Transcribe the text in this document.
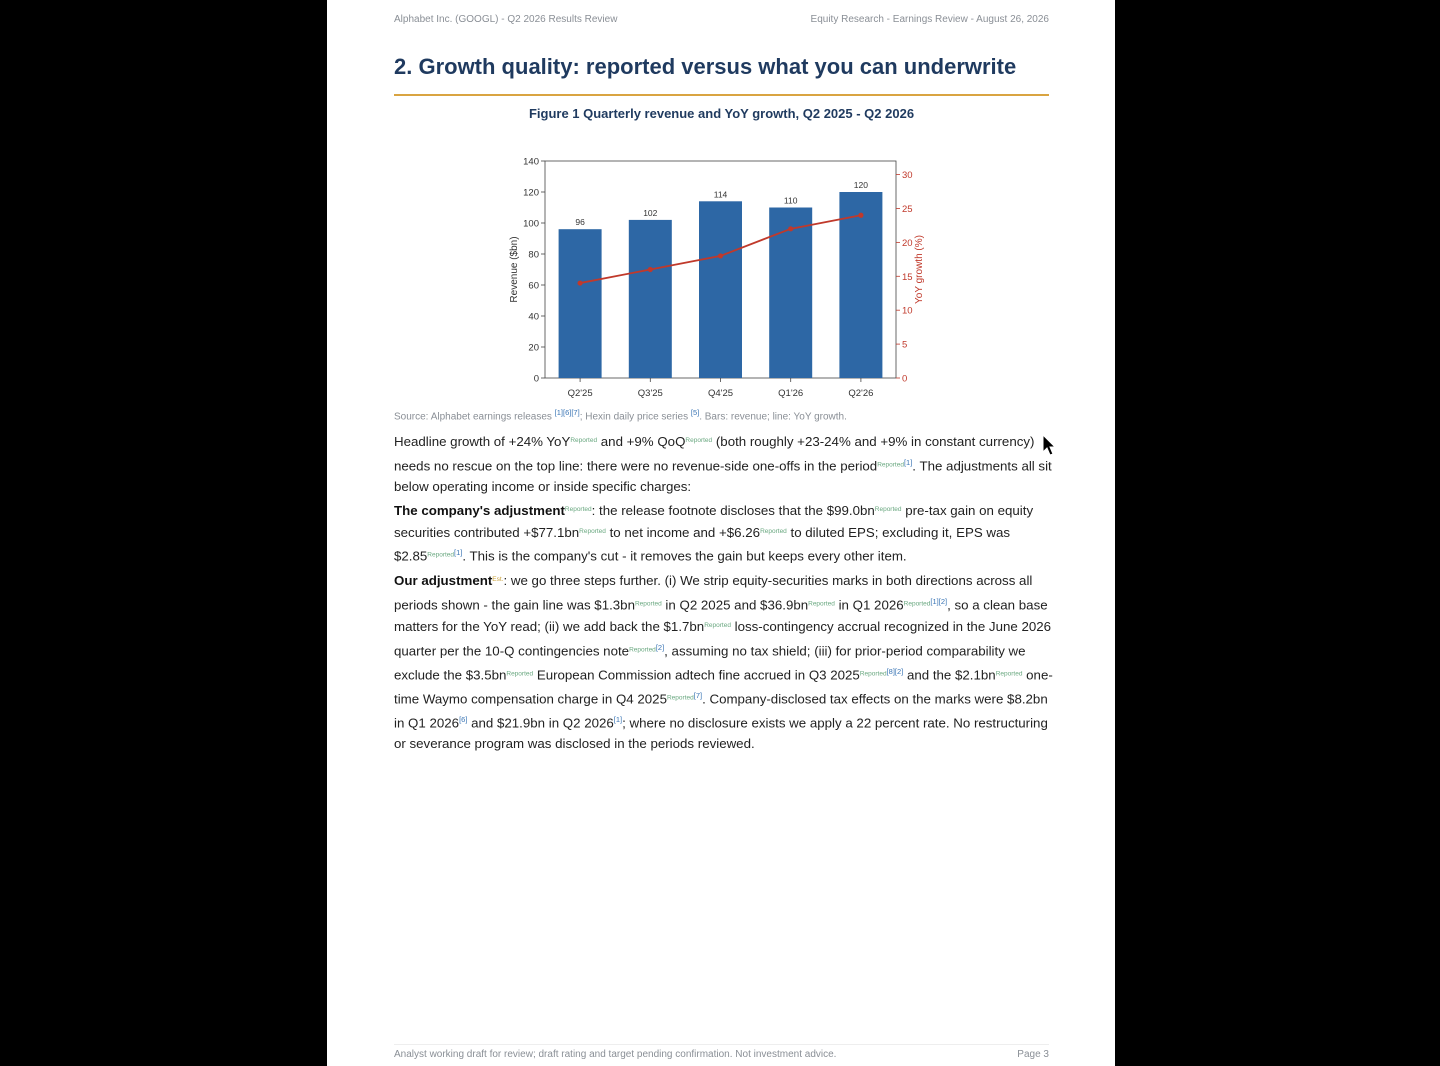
Alphabet Inc. (GOOGL) - Q2 2026 Results Review	Equity Research - Earnings Review - August 26, 2026
2. Growth quality: reported versus what you can underwrite
Figure 1 Quarterly revenue and YoY growth, Q2 2025 - Q2 2026
0
20
40
60
80
100
120
140
0
5
10
15
20
25
30
96
Q2'25
102
Q3'25
114
Q4'25
110
Q1'26
120
Q2'26
Revenue ($bn)	YoY growth (%)
Source: Alphabet earnings releases [1][6][7]; Hexin daily price series [5]. Bars: revenue; line: YoY growth.
Headline growth of +24% YoY$^{Reported}$ and +9% QoQ$^{Reported}$ (both roughly +23-24% and +9% in constant currency) needs no rescue on the top line: there were no revenue-side one-offs in the period$^{Reported[1]}$. The adjustments all sit below operating income or inside specific charges:
The company's adjustment$^{Reported}$: the release footnote discloses that the $\$99.0bn^{Reported}$ pre-tax gain on equity securities contributed $+\$77.1bn^{Reported}$ to net income and $+\$6.26^{Reported}$ to diluted EPS; excluding it, EPS was $\$2.85^{Reported[1]}$. This is the company's cut - it removes the gain but keeps every other item.
Our adjustment$^{Est.}$: we go three steps further. (i) We strip equity-securities marks in both directions across all periods shown - the gain line was $\$1.3bn^{Reported}$ in Q2 2025 and $\$36.9bn^{Reported}$ in Q1 $2026^{Reported[1][2]}$, so a clean base matters for the YoY read; (ii) we add back the $\$1.7bn^{Reported}$ loss-contingency accrual recognized in the June 2026 quarter per the 10-Q contingencies note$^{Reported[2]}$, assuming no tax shield; (iii) for prior-period comparability we exclude the $\$3.5bn^{Reported}$ European Commission adtech fine accrued in Q3 $2025^{Reported[8][2]}$ and the $\$2.1bn^{Reported}$ one-time Waymo compensation charge in Q4 $2025^{Reported[7]}$. Company-disclosed tax effects on the marks were $8.2bn in Q1 2026[6] and $21.9bn in Q2 2026[1]; where no disclosure exists we apply a 22 percent rate. No restructuring or severance program was disclosed in the periods reviewed.
Analyst working draft for review; draft rating and target pending confirmation. Not investment advice.	Page 3
